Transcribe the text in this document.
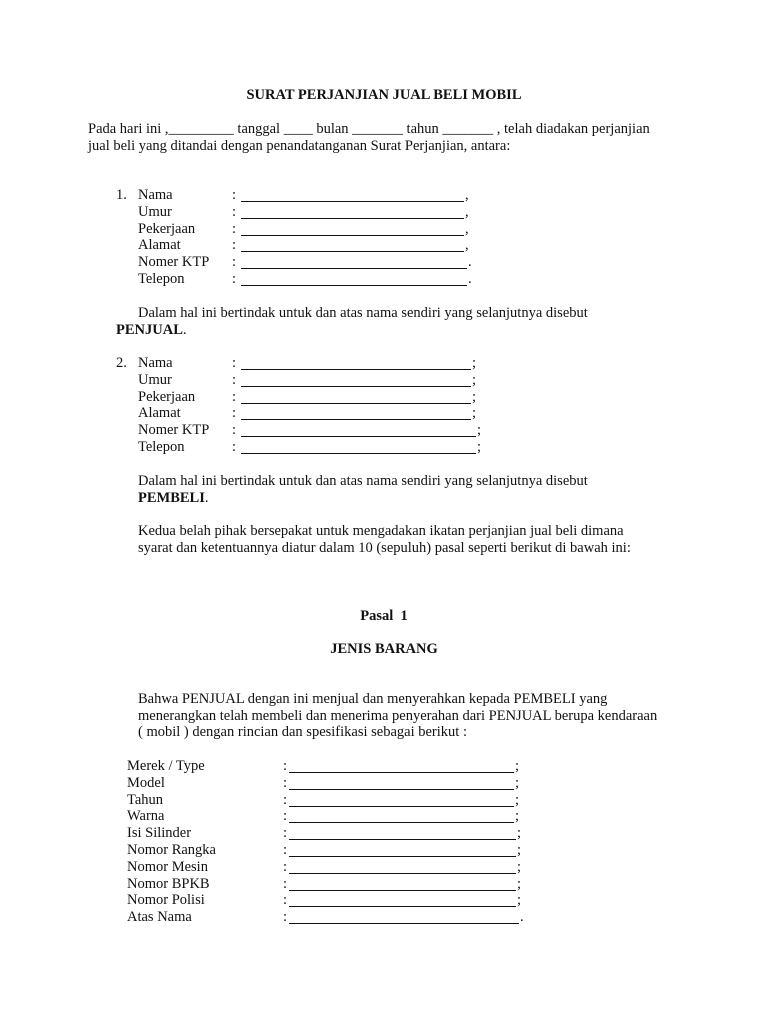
SURAT PERJANJIAN JUAL BELI MOBIL
Pada hari ini ,_________ tanggal ____ bulan _______ tahun _______ , telah diadakan perjanjian
jual beli yang ditandai dengan penandatanganan Surat Perjanjian, antara:
1. Nama	:	,
Umur	:	,
Pekerjaan	:	,
Alamat	:	,
Nomer KTP :	.
Telepon	:	.
Dalam hal ini bertindak untuk dan atas nama sendiri yang selanjutnya disebut
PENJUAL.
2. Nama	:	;
Umur	:	;
Pekerjaan	:	;
Alamat	:	;
Nomer KTP :	;
Telepon	:	;
Dalam hal ini bertindak untuk dan atas nama sendiri yang selanjutnya disebut
PEMBELI.
Kedua belah pihak bersepakat untuk mengadakan ikatan perjanjian jual beli dimana
syarat dan ketentuannya diatur dalam 10 (sepuluh) pasal seperti berikut di bawah ini:
Pasal  1
JENIS BARANG
Bahwa PENJUAL dengan ini menjual dan menyerahkan kepada PEMBELI yang
menerangkan telah membeli dan menerima penyerahan dari PENJUAL berupa kendaraan
( mobil ) dengan rincian dan spesifikasi sebagai berikut :
Merek / Type	:	;
Model	:	;
Tahun	:	;
Warna	:	;
Isi Silinder	:	;
Nomor Rangka	:	;
Nomor Mesin	:	;
Nomor BPKB	:	;
Nomor Polisi	:	;
Atas Nama	:	.
